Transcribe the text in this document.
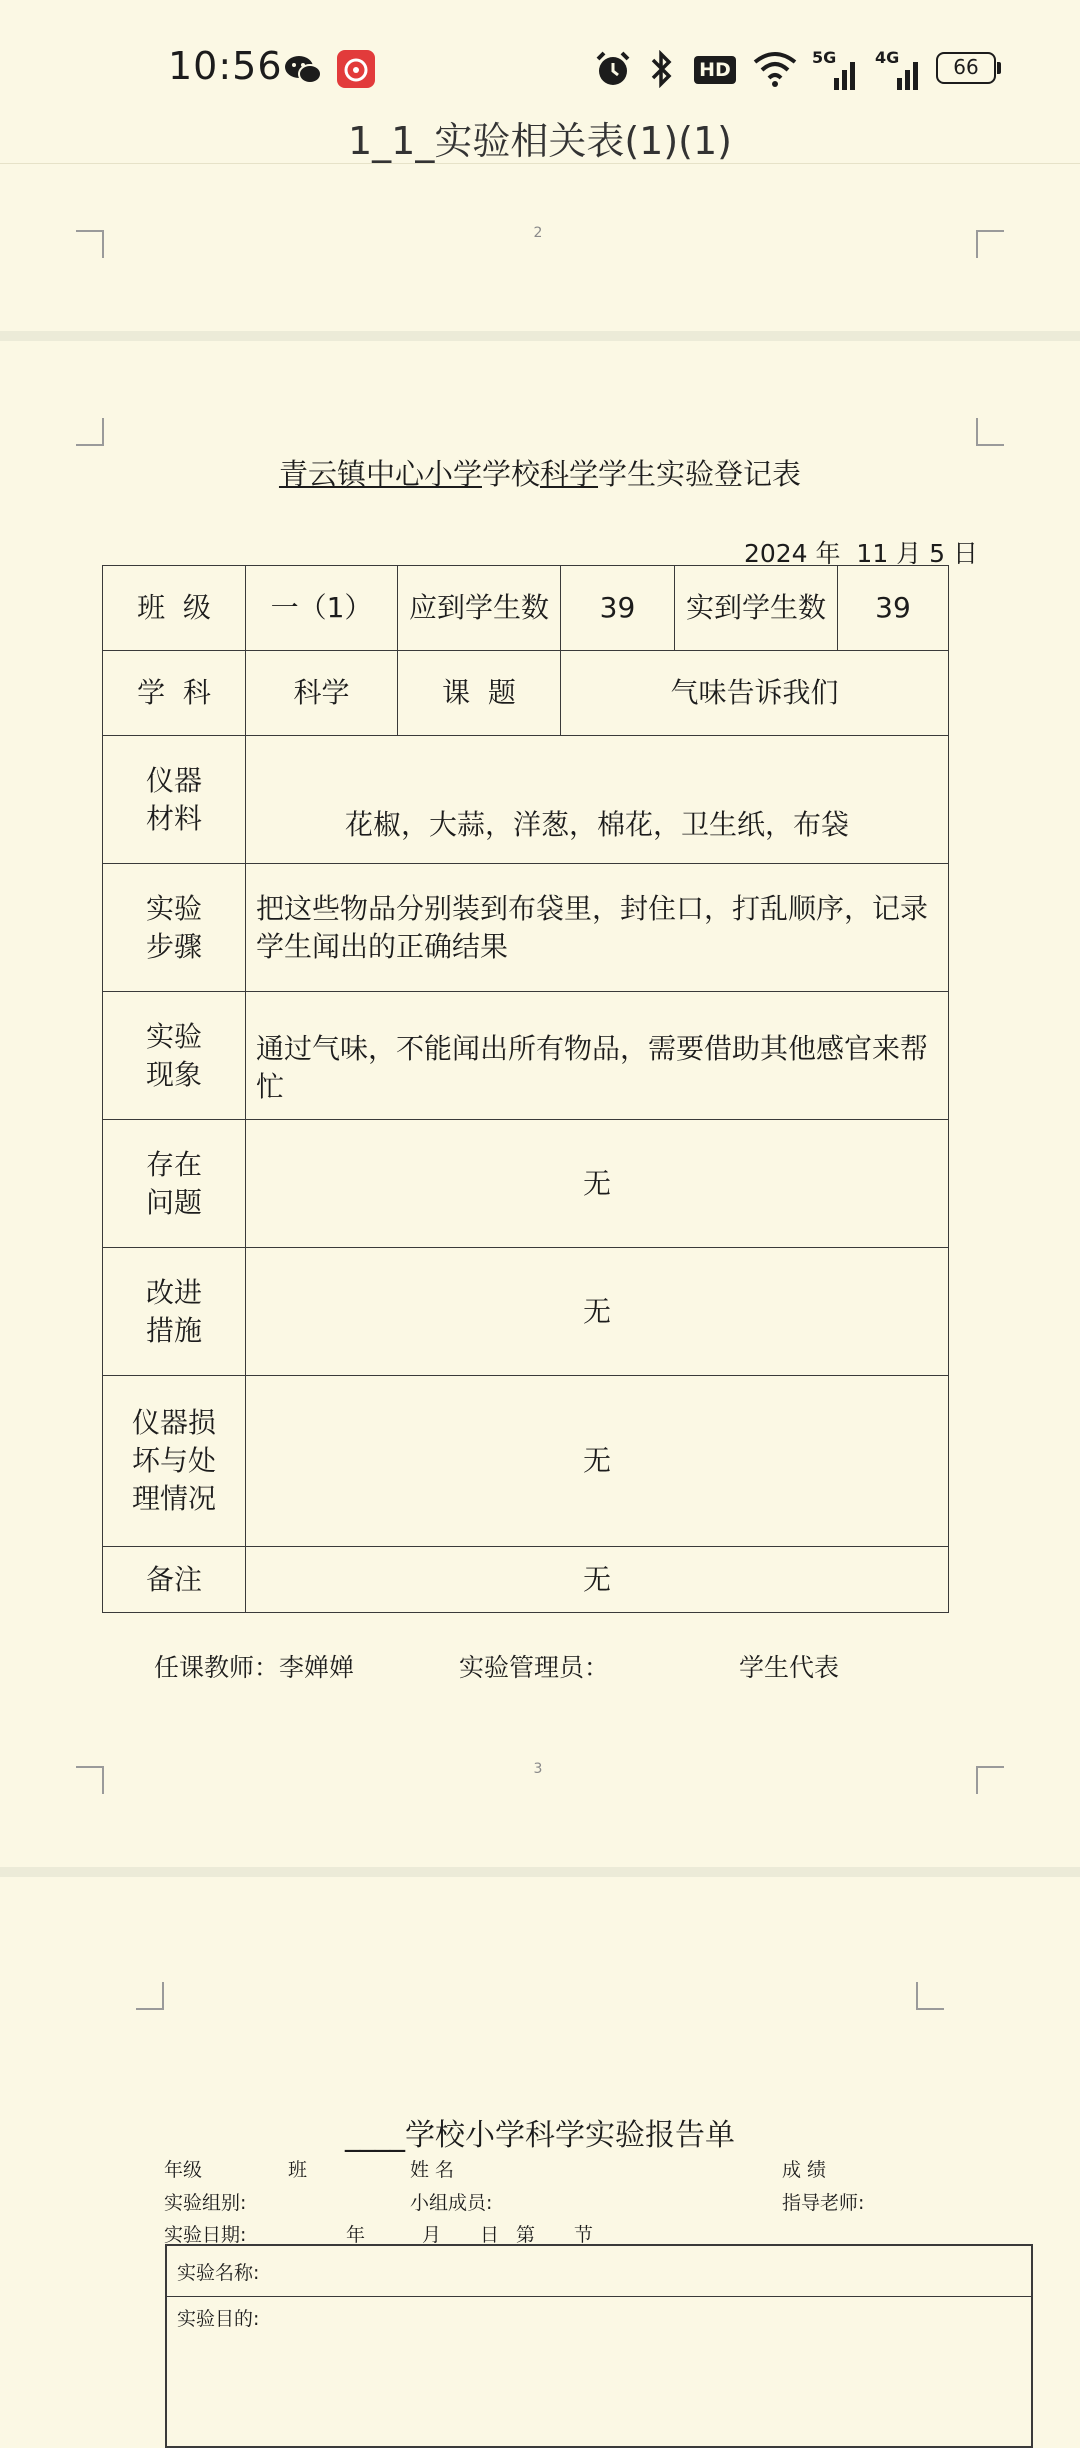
10:56	HD
5G 4G	66
1_1_实验相关表(1)(1)
2
青云镇中心小学学校科学学生实验登记表
2024 年  11 月 5 日
班  级	一（1）	应到学生数	39	实到学生数	39
学  科	科学	课  题	气味告诉我们		
仪器
材料	花椒，大蒜，洋葱，棉花，卫生纸，布袋				
实验
步骤	把这些物品分别装到布袋里，封住口，打乱顺序，记录学生闻出的正确结果				
实验
现象	通过气味，不能闻出所有物品，需要借助其他感官来帮忙				
存在
问题	无				
改进
措施	无				
仪器损
坏与处
理情况	无				
备注	无				
任课教师：李婵婵	实验管理员：	学生代表
3
____学校小学科学实验报告单
年级	班	姓 名	成 绩
实验组别:	小组成员:	指导老师:
实验日期:	年	月 日 第 节
实验名称:
实验目的:
